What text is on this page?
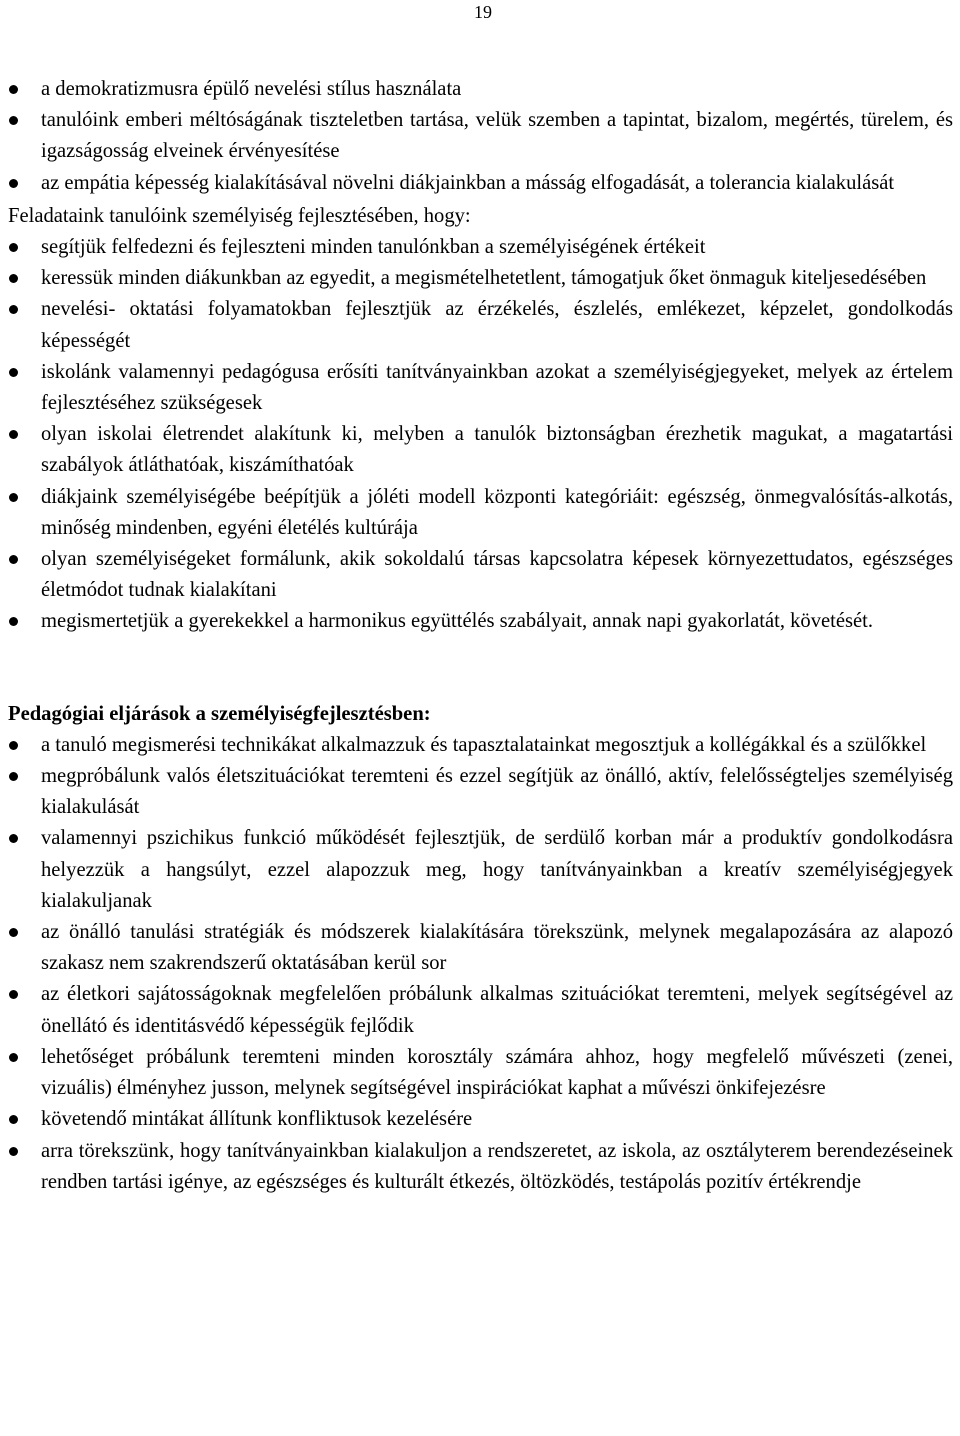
19
a demokratizmusra épülő nevelési stílus használata
tanulóink emberi méltóságának tiszteletben tartása, velük szemben a tapintat, bizalom, megértés, türelem, és igazságosság elveinek érvényesítése
az empátia képesség kialakításával növelni diákjainkban a másság elfogadását, a tolerancia kialakulását

Feladataink tanulóink személyiség fejlesztésében, hogy:

segítjük felfedezni és fejleszteni minden tanulónkban a személyiségének értékeit
keressük minden diákunkban az egyedit, a megismételhetetlent, támogatjuk őket önmaguk kiteljesedésében
nevelési- oktatási folyamatokban fejlesztjük az érzékelés, észlelés, emlékezet, képzelet, gondolkodás képességét
iskolánk valamennyi pedagógusa erősíti tanítványainkban azokat a személyiségjegyeket, melyek az értelem fejlesztéséhez szükségesek
olyan iskolai életrendet alakítunk ki, melyben a tanulók biztonságban érezhetik magukat, a magatartási szabályok átláthatóak, kiszámíthatóak
diákjaink személyiségébe beépítjük a jóléti modell központi kategóriáit: egészség, önmegvalósítás-alkotás, minőség mindenben, egyéni életélés kultúrája
olyan személyiségeket formálunk, akik sokoldalú társas kapcsolatra képesek környezettudatos, egészséges életmódot tudnak kialakítani
megismertetjük a gyerekekkel a harmonikus együttélés szabályait, annak napi gyakorlatát, követését.

Pedagógiai eljárások a személyiségfejlesztésben:

a tanuló megismerési technikákat alkalmazzuk és tapasztalatainkat megosztjuk a kollégákkal és a szülőkkel
megpróbálunk valós életszituációkat teremteni és ezzel segítjük az önálló, aktív, felelősségteljes személyiség kialakulását
valamennyi pszichikus funkció működését fejlesztjük, de serdülő korban már a produktív gondolkodásra helyezzük a hangsúlyt, ezzel alapozzuk meg, hogy tanítványainkban a kreatív személyiségjegyek kialakuljanak
az önálló tanulási stratégiák és módszerek kialakítására törekszünk, melynek megalapozására az alapozó szakasz nem szakrendszerű oktatásában kerül sor
az életkori sajátosságoknak megfelelően próbálunk alkalmas szituációkat teremteni, melyek segítségével az önellátó és identitásvédő képességük fejlődik
lehetőséget próbálunk teremteni minden korosztály számára ahhoz, hogy megfelelő művészeti (zenei, vizuális) élményhez jusson, melynek segítségével inspirációkat kaphat a művészi önkifejezésre
követendő mintákat állítunk konfliktusok kezelésére
arra törekszünk, hogy tanítványainkban kialakuljon a rendszeretet, az iskola, az osztályterem berendezéseinek rendben tartási igénye, az egészséges és kulturált étkezés, öltözködés, testápolás pozitív értékrendje
